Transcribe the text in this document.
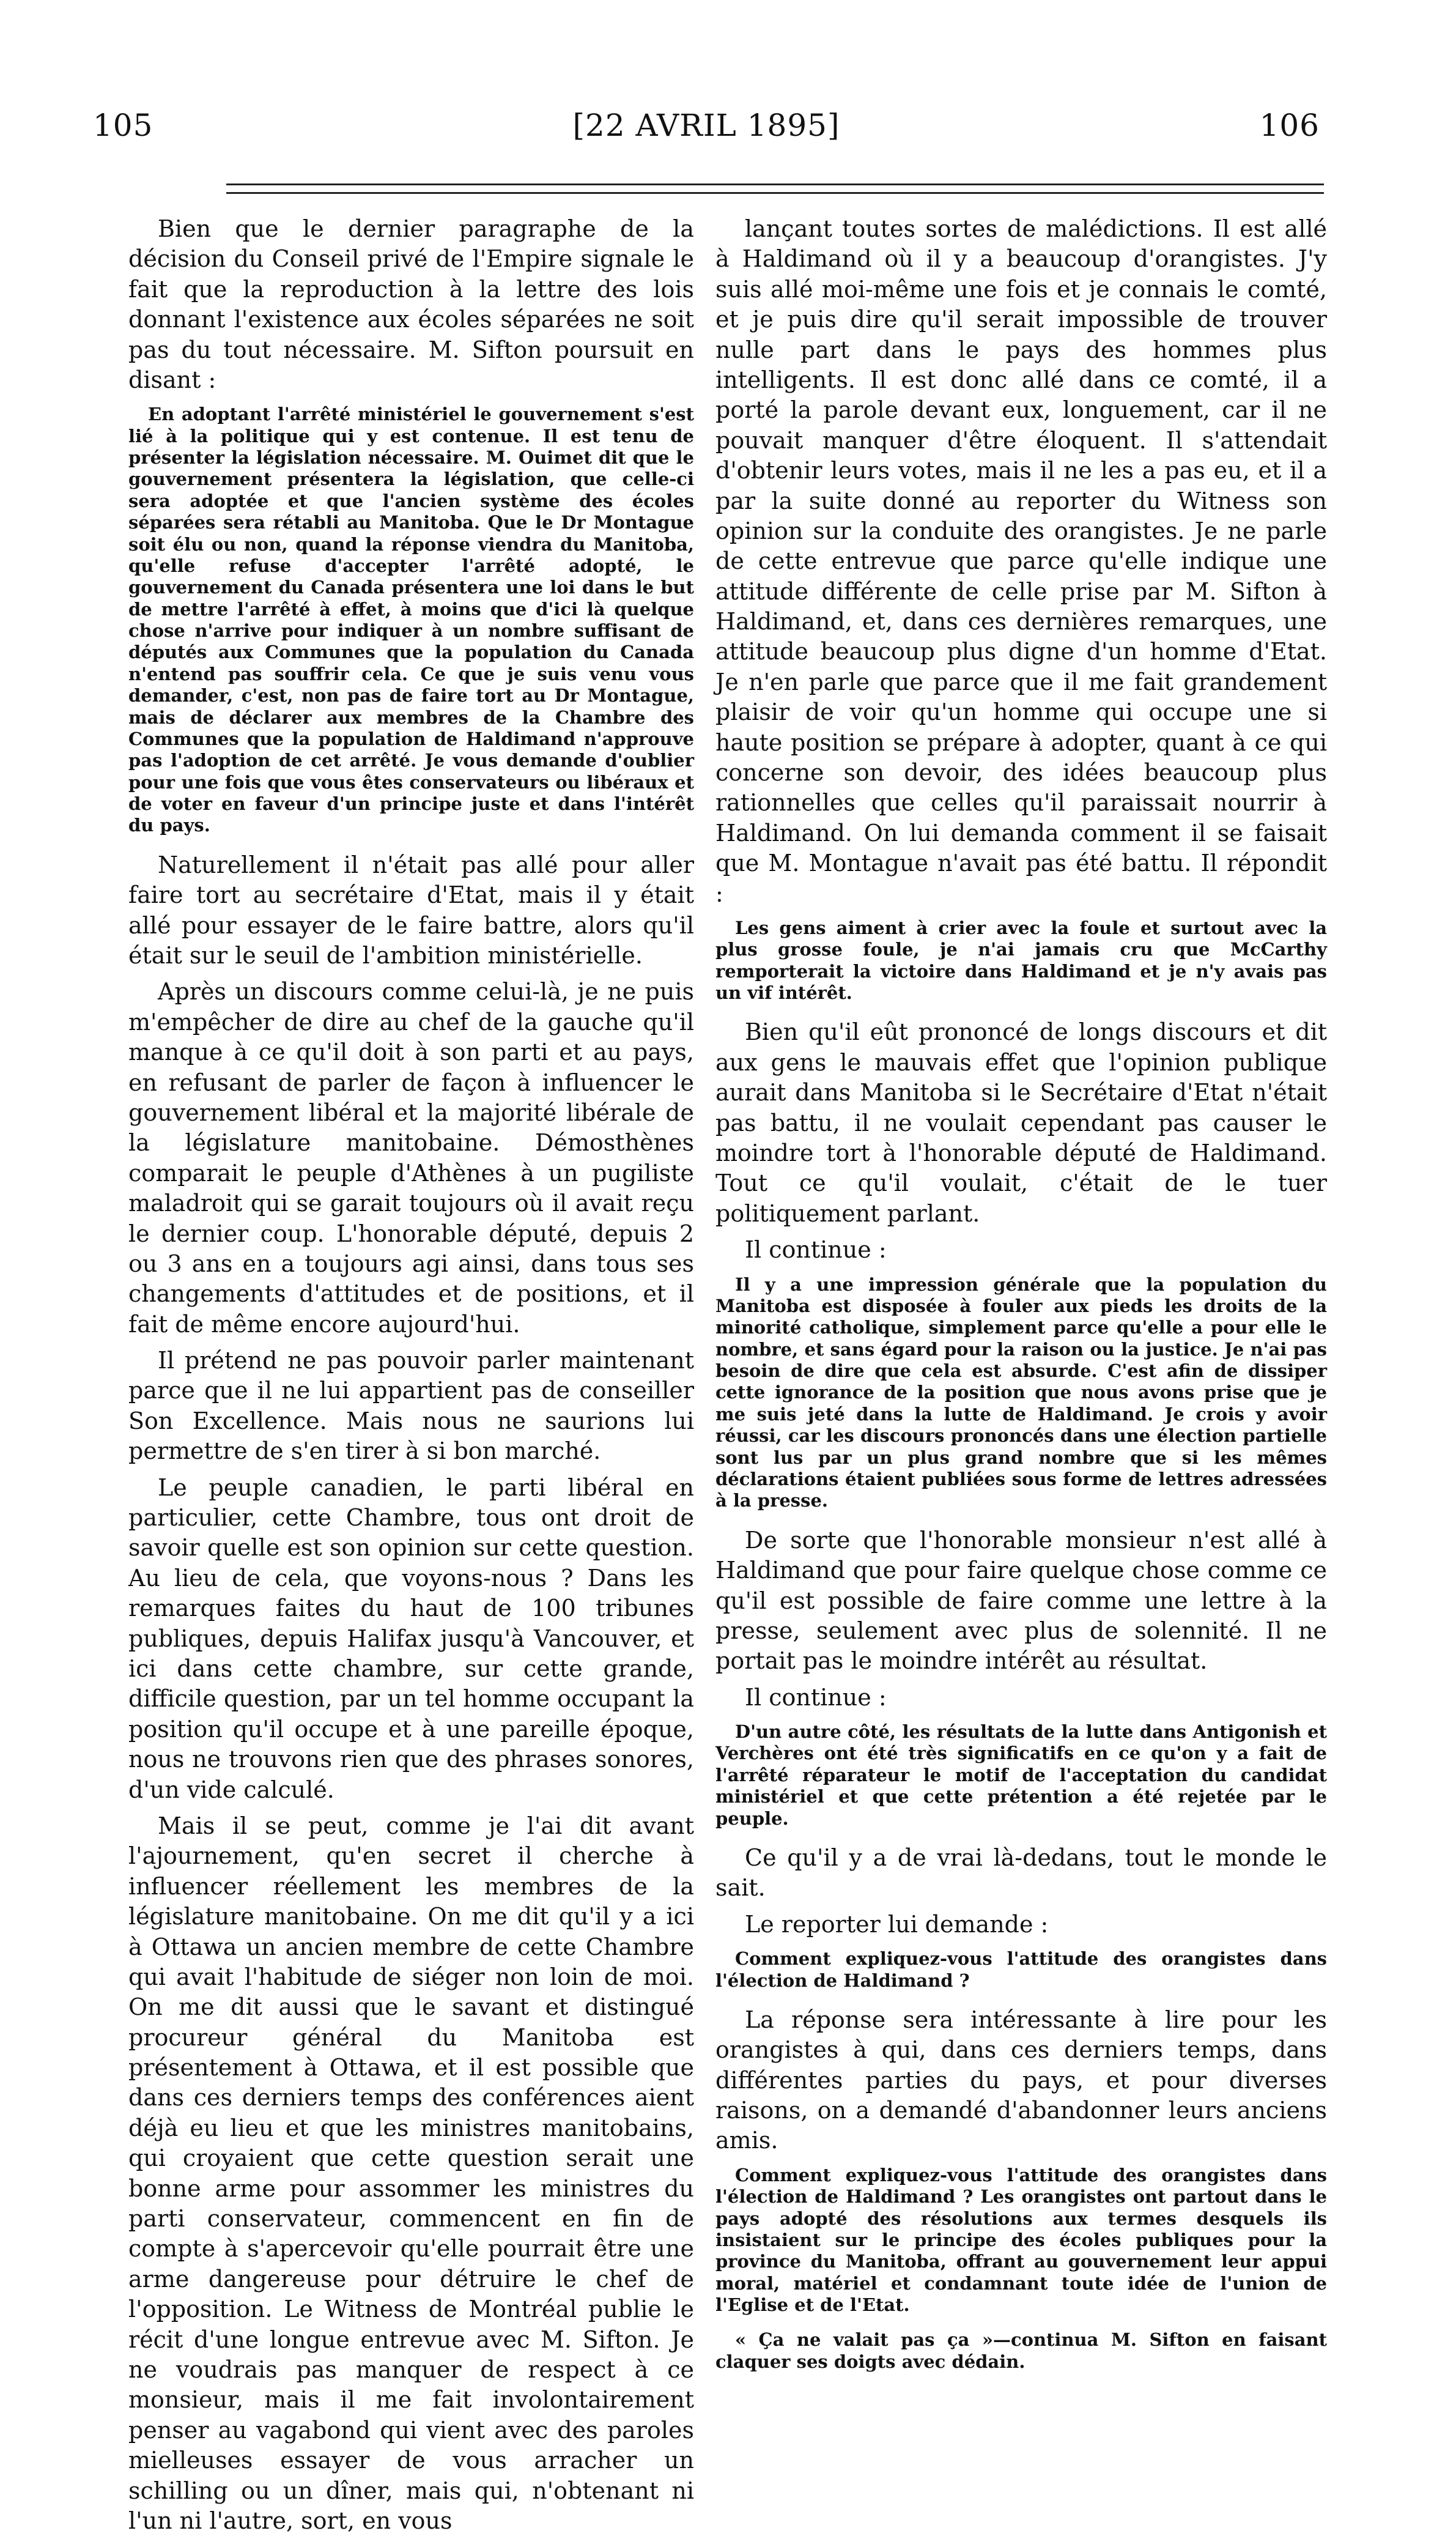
105	[22 AVRIL 1895]	106

Bien que le dernier paragraphe de la décision du Conseil privé de l'Empire signale le fait que la reproduction à la lettre des lois donnant l'existence aux écoles séparées ne soit pas du tout nécessaire. M. Sifton poursuit en disant :

En adoptant l'arrêté ministériel le gouvernement s'est lié à la politique qui y est contenue. Il est tenu de présenter la législation nécessaire. M. Ouimet dit que le gouvernement présentera la législation, que celle-ci sera adoptée et que l'ancien système des écoles séparées sera rétabli au Manitoba. Que le Dr Montague soit élu ou non, quand la réponse viendra du Manitoba, qu'elle refuse d'accepter l'arrêté adopté, le gouvernement du Canada présentera une loi dans le but de mettre l'arrêté à effet, à moins que d'ici là quelque chose n'arrive pour indiquer à un nombre suffisant de députés aux Communes que la population du Canada n'entend pas souffrir cela. Ce que je suis venu vous demander, c'est, non pas de faire tort au Dr Montague, mais de déclarer aux membres de la Chambre des Communes que la population de Haldimand n'approuve pas l'adoption de cet arrêté. Je vous demande d'oublier pour une fois que vous êtes conservateurs ou libéraux et de voter en faveur d'un principe juste et dans l'intérêt du pays.

Naturellement il n'était pas allé pour aller faire tort au secrétaire d'Etat, mais il y était allé pour essayer de le faire battre, alors qu'il était sur le seuil de l'ambition ministérielle.

Après un discours comme celui-là, je ne puis m'empêcher de dire au chef de la gauche qu'il manque à ce qu'il doit à son parti et au pays, en refusant de parler de façon à influencer le gouvernement libéral et la majorité libérale de la législature manitobaine. Démosthènes comparait le peuple d'Athènes à un pugiliste maladroit qui se garait toujours où il avait reçu le dernier coup. L'honorable député, depuis 2 ou 3 ans en a toujours agi ainsi, dans tous ses changements d'attitudes et de positions, et il fait de même encore aujourd'hui.

Il prétend ne pas pouvoir parler maintenant parce que il ne lui appartient pas de conseiller Son Excellence. Mais nous ne saurions lui permettre de s'en tirer à si bon marché.

Le peuple canadien, le parti libéral en particulier, cette Chambre, tous ont droit de savoir quelle est son opinion sur cette question. Au lieu de cela, que voyons-nous ? Dans les remarques faites du haut de 100 tribunes publiques, depuis Halifax jusqu'à Vancouver, et ici dans cette chambre, sur cette grande, difficile question, par un tel homme occupant la position qu'il occupe et à une pareille époque, nous ne trouvons rien que des phrases sonores, d'un vide calculé.

Mais il se peut, comme je l'ai dit avant l'ajournement, qu'en secret il cherche à influencer réellement les membres de la législature manitobaine. On me dit qu'il y a ici à Ottawa un ancien membre de cette Chambre qui avait l'habitude de siéger non loin de moi. On me dit aussi que le savant et distingué procureur général du Manitoba est présentement à Ottawa, et il est possible que dans ces derniers temps des conférences aient déjà eu lieu et que les ministres manitobains, qui croyaient que cette question serait une bonne arme pour assommer les ministres du parti conservateur, commencent en fin de compte à s'apercevoir qu'elle pourrait être une arme dangereuse pour détruire le chef de l'opposition. Le Witness de Montréal publie le récit d'une longue entrevue avec M. Sifton. Je ne voudrais pas manquer de respect à ce monsieur, mais il me fait involontairement penser au vagabond qui vient avec des paroles mielleuses essayer de vous arracher un schilling ou un dîner, mais qui, n'obtenant ni l'un ni l'autre, sort, en vous

lançant toutes sortes de malédictions. Il est allé à Haldimand où il y a beaucoup d'orangistes. J'y suis allé moi-même une fois et je connais le comté, et je puis dire qu'il serait impossible de trouver nulle part dans le pays des hommes plus intelligents. Il est donc allé dans ce comté, il a porté la parole devant eux, longuement, car il ne pouvait manquer d'être éloquent. Il s'attendait d'obtenir leurs votes, mais il ne les a pas eu, et il a par la suite donné au reporter du Witness son opinion sur la conduite des orangistes. Je ne parle de cette entrevue que parce qu'elle indique une attitude différente de celle prise par M. Sifton à Haldimand, et, dans ces dernières remarques, une attitude beaucoup plus digne d'un homme d'Etat. Je n'en parle que parce que il me fait grandement plaisir de voir qu'un homme qui occupe une si haute position se prépare à adopter, quant à ce qui concerne son devoir, des idées beaucoup plus rationnelles que celles qu'il paraissait nourrir à Haldimand. On lui demanda comment il se faisait que M. Montague n'avait pas été battu. Il répondit :

Les gens aiment à crier avec la foule et surtout avec la plus grosse foule, je n'ai jamais cru que McCarthy remporterait la victoire dans Haldimand et je n'y avais pas un vif intérêt.

Bien qu'il eût prononcé de longs discours et dit aux gens le mauvais effet que l'opinion publique aurait dans Manitoba si le Secrétaire d'Etat n'était pas battu, il ne voulait cependant pas causer le moindre tort à l'honorable député de Haldimand. Tout ce qu'il voulait, c'était de le tuer politiquement parlant.

Il continue :

Il y a une impression générale que la population du Manitoba est disposée à fouler aux pieds les droits de la minorité catholique, simplement parce qu'elle a pour elle le nombre, et sans égard pour la raison ou la justice. Je n'ai pas besoin de dire que cela est absurde. C'est afin de dissiper cette ignorance de la position que nous avons prise que je me suis jeté dans la lutte de Haldimand. Je crois y avoir réussi, car les discours prononcés dans une élection partielle sont lus par un plus grand nombre que si les mêmes déclarations étaient publiées sous forme de lettres adressées à la presse.

De sorte que l'honorable monsieur n'est allé à Haldimand que pour faire quelque chose comme ce qu'il est possible de faire comme une lettre à la presse, seulement avec plus de solennité. Il ne portait pas le moindre intérêt au résultat.

Il continue :

D'un autre côté, les résultats de la lutte dans Antigonish et Verchères ont été très significatifs en ce qu'on y a fait de l'arrêté réparateur le motif de l'acceptation du candidat ministériel et que cette prétention a été rejetée par le peuple.

Ce qu'il y a de vrai là-dedans, tout le monde le sait.

Le reporter lui demande :

Comment expliquez-vous l'attitude des orangistes dans l'élection de Haldimand ?

La réponse sera intéressante à lire pour les orangistes à qui, dans ces derniers temps, dans différentes parties du pays, et pour diverses raisons, on a demandé d'abandonner leurs anciens amis.

Comment expliquez-vous l'attitude des orangistes dans l'élection de Haldimand ? Les orangistes ont partout dans le pays adopté des résolutions aux termes desquels ils insistaient sur le principe des écoles publiques pour la province du Manitoba, offrant au gouvernement leur appui moral, matériel et condamnant toute idée de l'union de l'Eglise et de l'Etat.

« Ça ne valait pas ça »—continua M. Sifton en faisant claquer ses doigts avec dédain.
